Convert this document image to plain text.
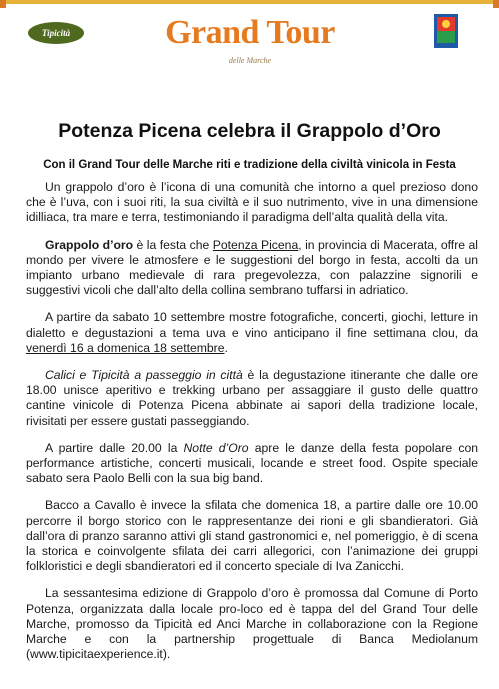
Tipicità	Grand Tour
delle Marche
Potenza Picena celebra il Grappolo d’Oro
Con il Grand Tour delle Marche riti e tradizione della civiltà vinicola in Festa

Un grappolo d’oro è l’icona di una comunità che intorno a quel prezioso dono che è l’uva, con i suoi riti, la sua civiltà e il suo nutrimento, vive in una dimensione idilliaca, tra mare e terra, testimoniando il paradigma dell’alta qualità della vita.

Grappolo d’oro è la festa che Potenza Picena, in provincia di Macerata, offre al mondo per vivere le atmosfere e le suggestioni del borgo in festa, accolti da un impianto urbano medievale di rara pregevolezza, con palazzine signorili e suggestivi vicoli che dall’alto della collina sembrano tuffarsi in adriatico.

A partire da sabato 10 settembre mostre fotografiche, concerti, giochi, letture in dialetto e degustazioni a tema uva e vino anticipano il fine settimana clou, da venerdì 16 a domenica 18 settembre.

Calici e Tipicità a passeggio in città è la degustazione itinerante che dalle ore 18.00 unisce aperitivo e trekking urbano per assaggiare il gusto delle quattro cantine vinicole di Potenza Picena abbinate ai sapori della tradizione locale, rivisitati per essere gustati passeggiando.

A partire dalle 20.00 la Notte d’Oro apre le danze della festa popolare con performance artistiche, concerti musicali, locande e street food. Ospite speciale sabato sera Paolo Belli con la sua big band.

Bacco a Cavallo è invece la sfilata che domenica 18, a partire dalle ore 10.00 percorre il borgo storico con le rappresentanze dei rioni e gli sbandieratori. Già dall’ora di pranzo saranno attivi gli stand gastronomici e, nel pomeriggio, è di scena la storica e coinvolgente sfilata dei carri allegorici, con l’animazione dei gruppi folkloristici e degli sbandieratori ed il concerto speciale di Iva Zanicchi.

La sessantesima edizione di Grappolo d’oro è promossa dal Comune di Porto Potenza, organizzata dalla locale pro-loco ed è tappa del del Grand Tour delle Marche, promosso da Tipicità ed Anci Marche in collaborazione con la Regione Marche e con la partnership progettuale di Banca Mediolanum (www.tipicitaexperience.it).
